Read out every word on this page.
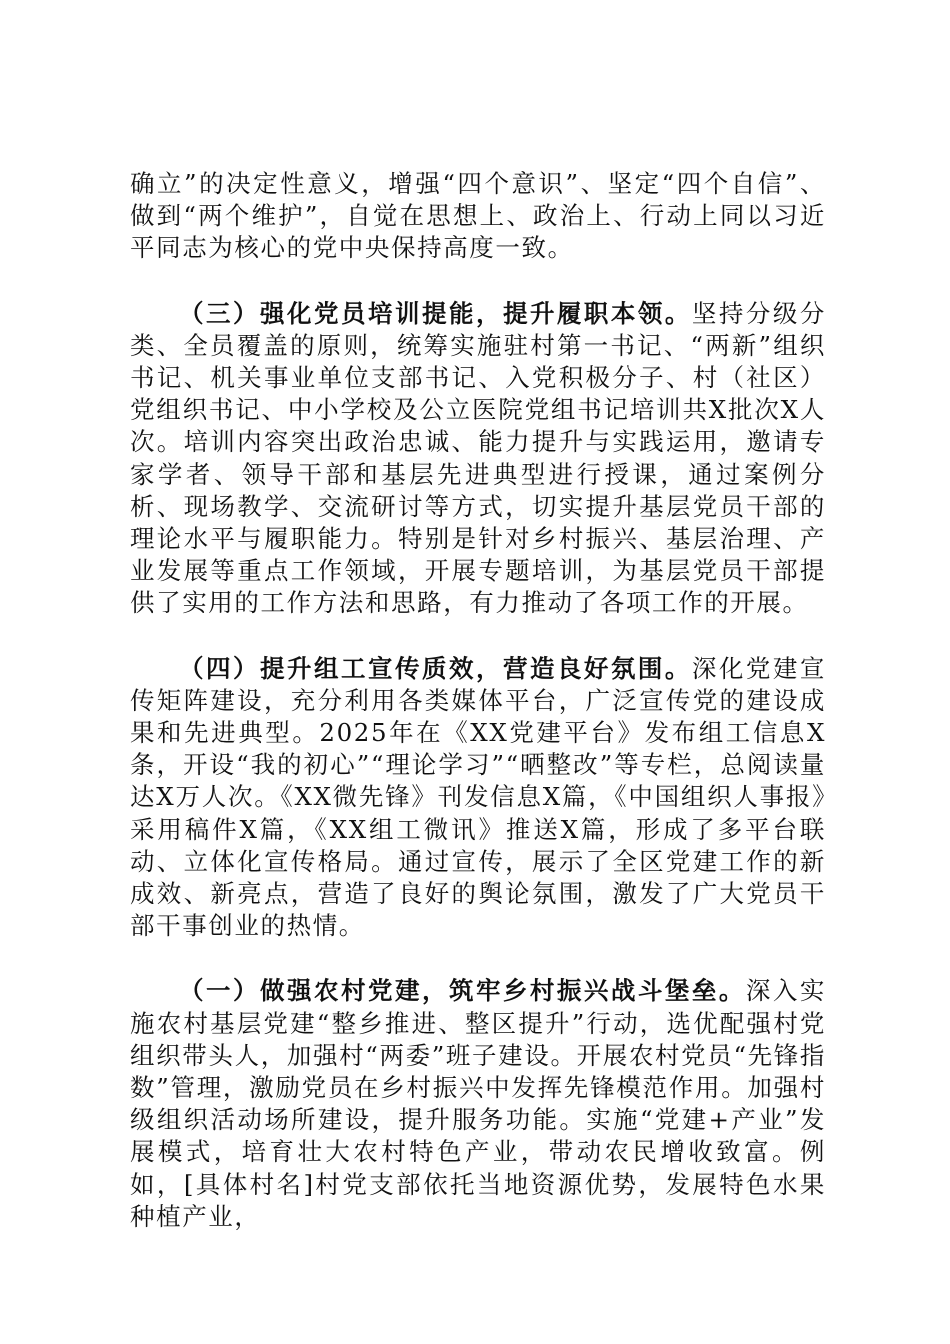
确立”的决定性意义，增强“四个意识”、坚定“四个自信”、做到“两个维护”，自觉在思想上、政治上、行动上同以习近平同志为核心的党中央保持高度一致。

（三）强化党员培训提能，提升履职本领。坚持分级分类、全员覆盖的原则，统筹实施驻村第一书记、“两新”组织书记、机关事业单位支部书记、入党积极分子、村（社区）党组织书记、中小学校及公立医院党组书记培训共X批次X人次。培训内容突出政治忠诚、能力提升与实践运用，邀请专家学者、领导干部和基层先进典型进行授课，通过案例分析、现场教学、交流研讨等方式，切实提升基层党员干部的理论水平与履职能力。特别是针对乡村振兴、基层治理、产业发展等重点工作领域，开展专题培训，为基层党员干部提供了实用的工作方法和思路，有力推动了各项工作的开展。

（四）提升组工宣传质效，营造良好氛围。深化党建宣传矩阵建设，充分利用各类媒体平台，广泛宣传党的建设成果和先进典型。2025年在《XX党建平台》发布组工信息X条，开设“我的初心”“理论学习”“晒整改”等专栏，总阅读量达X万人次。《XX微先锋》刊发信息X篇，《中国组织人事报》采用稿件X篇，《XX组工微讯》推送X篇，形成了多平台联动、立体化宣传格局。通过宣传，展示了全区党建工作的新成效、新亮点，营造了良好的舆论氛围，激发了广大党员干部干事创业的热情。

（一）做强农村党建，筑牢乡村振兴战斗堡垒。深入实施农村基层党建“整乡推进、整区提升”行动，选优配强村党组织带头人，加强村“两委”班子建设。开展农村党员“先锋指数”管理，激励党员在乡村振兴中发挥先锋模范作用。加强村级组织活动场所建设，提升服务功能。实施“党建+产业”发展模式，培育壮大农村特色产业，带动农民增收致富。例如，[具体村名]村党支部依托当地资源优势，发展特色水果种植产业，
